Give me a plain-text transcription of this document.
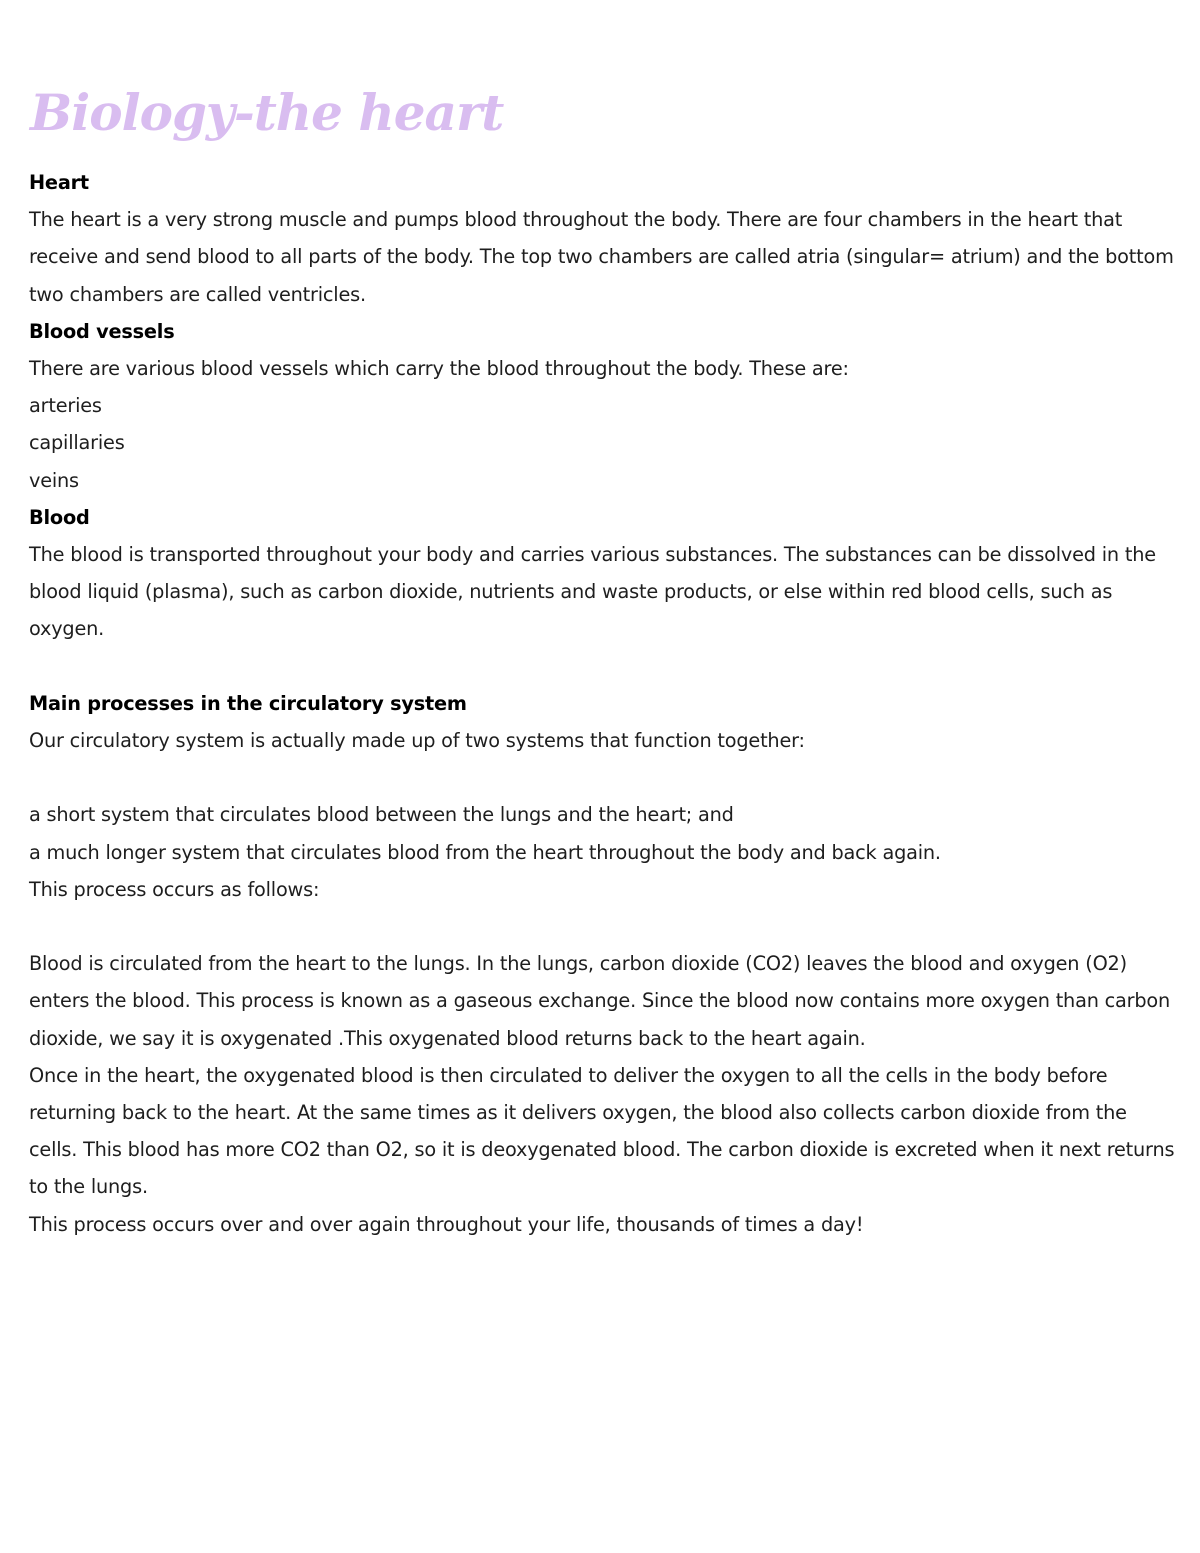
Biology-the heart
Heart

The heart is a very strong muscle and pumps blood throughout the body. There are four chambers in the heart that receive and send blood to all parts of the body. The top two chambers are called atria (singular= atrium) and the bottom two chambers are called ventricles.

Blood vessels

There are various blood vessels which carry the blood throughout the body. These are:

arteries
capillaries
veins
Blood

The blood is transported throughout your body and carries various substances. The substances can be dissolved in the blood liquid (plasma), such as carbon dioxide, nutrients and waste products, or else within red blood cells, such as oxygen.

Main processes in the circulatory system

Our circulatory system is actually made up of two systems that function together:

a short system that circulates blood between the lungs and the heart; and

a much longer system that circulates blood from the heart throughout the body and back again.

This process occurs as follows:

Blood is circulated from the heart to the lungs. In the lungs, carbon dioxide (CO2) leaves the blood and oxygen (O2) enters the blood. This process is known as a gaseous exchange. Since the blood now contains more oxygen than carbon dioxide, we say it is oxygenated .This oxygenated blood returns back to the heart again.

Once in the heart, the oxygenated blood is then circulated to deliver the oxygen to all the cells in the body before returning back to the heart. At the same times as it delivers oxygen, the blood also collects carbon dioxide from the cells. This blood has more CO2 than O2, so it is deoxygenated blood. The carbon dioxide is excreted when it next returns to the lungs.

This process occurs over and over again throughout your life, thousands of times a day!
